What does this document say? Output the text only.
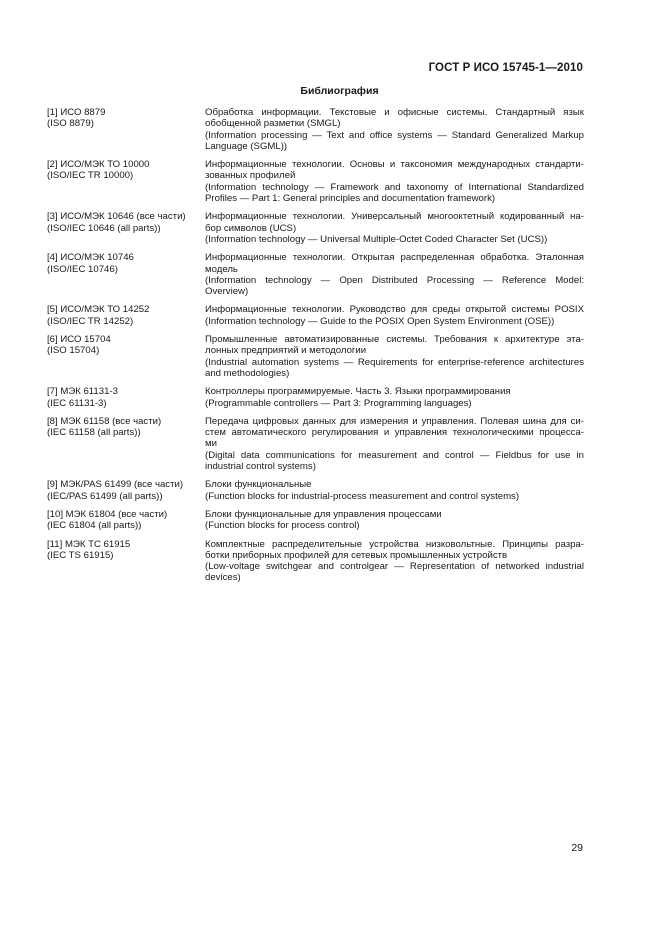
ГОСТ Р ИСО 15745-1—2010
Библиография
[1] ИСО 8879
(ISO 8879)
Обработка информации. Текстовые и офисные системы. Стандартный язык
обобщенной разметки (SMGL)
(Information processing — Text and office systems — Standard Generalized Markup
Language (SGML))
[2] ИСО/МЭК ТО 10000
(ISO/IEC TR 10000)
Информационные технологии. Основы и таксономия международных стандарти-
зованных профилей
(Information technology — Framework and taxonomy of International Standardized
Profiles — Part 1: General principles and documentation framework)
[3] ИСО/МЭК 10646 (все части)
(ISO/IEC 10646 (all parts))
Информационные технологии. Универсальный многооктетный кодированный на-
бор символов (UCS)
(Information technology — Universal Multiple-Octet Coded Character Set (UCS))
[4] ИСО/МЭК 10746
(ISO/IEC 10746)
Информационные технологии. Открытая распределенная обработка. Эталонная
модель
(Information technology — Open Distributed Processing — Reference Model:
Overview)
[5] ИСО/МЭК ТО 14252
(ISO/IEC TR 14252)
Информационные технологии. Руководство для среды открытой системы POSIX
(Information technology — Guide to the POSIX Open System Environment (OSE))
[6] ИСО 15704
(ISO 15704)
Промышленные автоматизированные системы. Требования к архитектуре эта-
лонных предприятий и методологии
(Industrial automation systems — Requirements for enterprise-reference architectures
and methodologies)
[7] МЭК 61131-3
(IEC 61131-3)
Контроллеры программируемые. Часть 3. Языки программирования
(Programmable controllers — Part 3: Programming languages)
[8] МЭК 61158 (все части)
(IEC 61158 (all parts))
Передача цифровых данных для измерения и управления. Полевая шина для си-
стем автоматического регулирования и управления технологическими процесса-
ми
(Digital data communications for measurement and control — Fieldbus for use in
industrial control systems)
[9] МЭК/PAS 61499 (все части)
(IEC/PAS 61499 (all parts))
Блоки функциональные
(Function blocks for industrial-process measurement and control systems)
[10] МЭК 61804 (все части)
(IEC 61804 (all parts))
Блоки функциональные для управления процессами
(Function blocks for process control)
[11] МЭК ТС 61915
(IEC TS 61915)
Комплектные распределительные устройства низковольтные. Принципы разра-
ботки приборных профилей для сетевых промышленных устройств
(Low-voltage switchgear and controlgear — Representation of networked industrial
devices)
29
